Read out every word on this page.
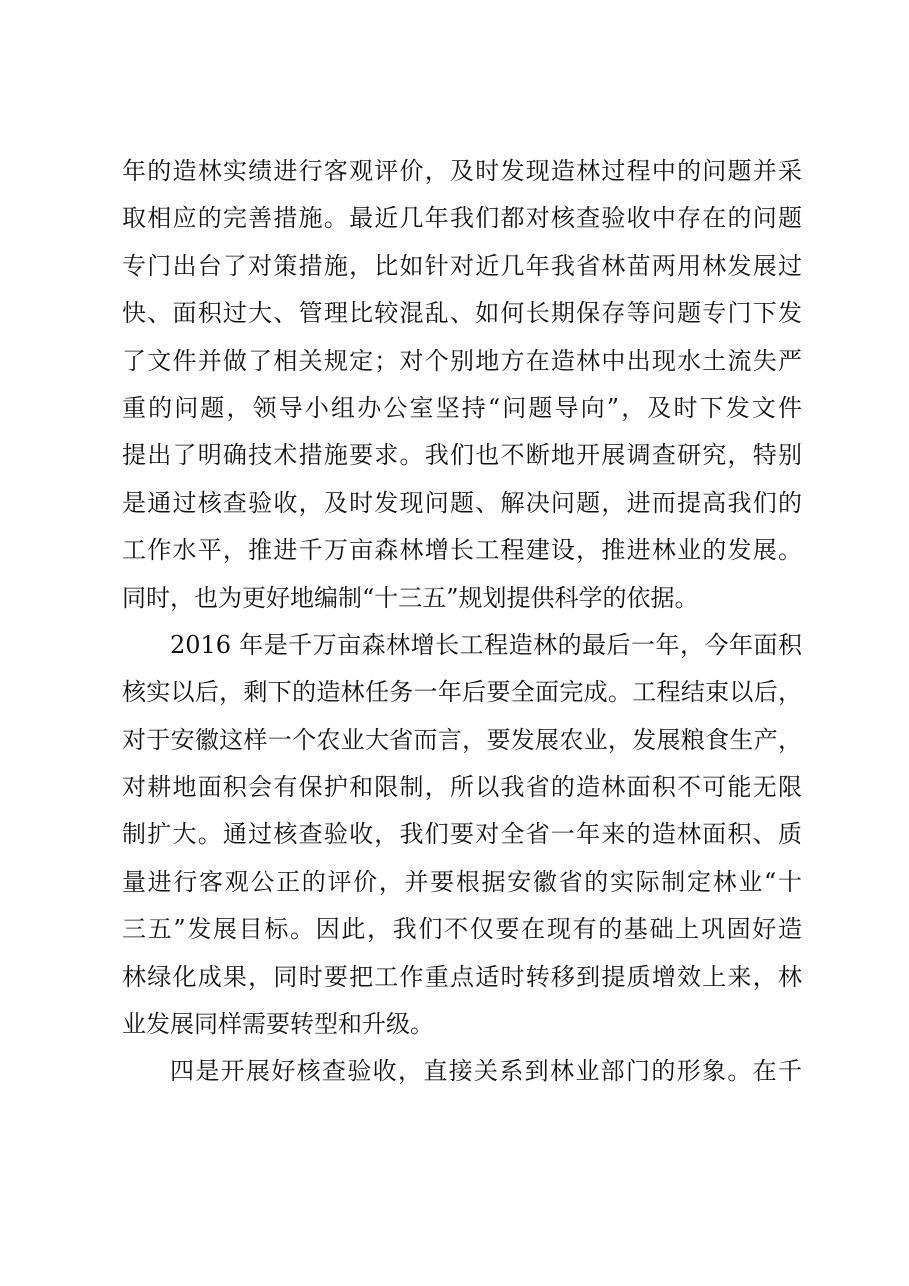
年的造林实绩进行客观评价，及时发现造林过程中的问题并采
取相应的完善措施。最近几年我们都对核查验收中存在的问题
专门出台了对策措施，比如针对近几年我省林苗两用林发展过
快、面积过大、管理比较混乱、如何长期保存等问题专门下发
了文件并做了相关规定；对个别地方在造林中出现水土流失严
重的问题，领导小组办公室坚持“问题导向”，及时下发文件
提出了明确技术措施要求。我们也不断地开展调查研究，特别
是通过核查验收，及时发现问题、解决问题，进而提高我们的
工作水平，推进千万亩森林增长工程建设，推进林业的发展。
同时，也为更好地编制“十三五”规划提供科学的依据。
2016 年是千万亩森林增长工程造林的最后一年，今年面积
核实以后，剩下的造林任务一年后要全面完成。工程结束以后，
对于安徽这样一个农业大省而言，要发展农业，发展粮食生产，
对耕地面积会有保护和限制，所以我省的造林面积不可能无限
制扩大。通过核查验收，我们要对全省一年来的造林面积、质
量进行客观公正的评价，并要根据安徽省的实际制定林业“十
三五”发展目标。因此，我们不仅要在现有的基础上巩固好造
林绿化成果，同时要把工作重点适时转移到提质增效上来，林
业发展同样需要转型和升级。
四是开展好核查验收，直接关系到林业部门的形象。在千
